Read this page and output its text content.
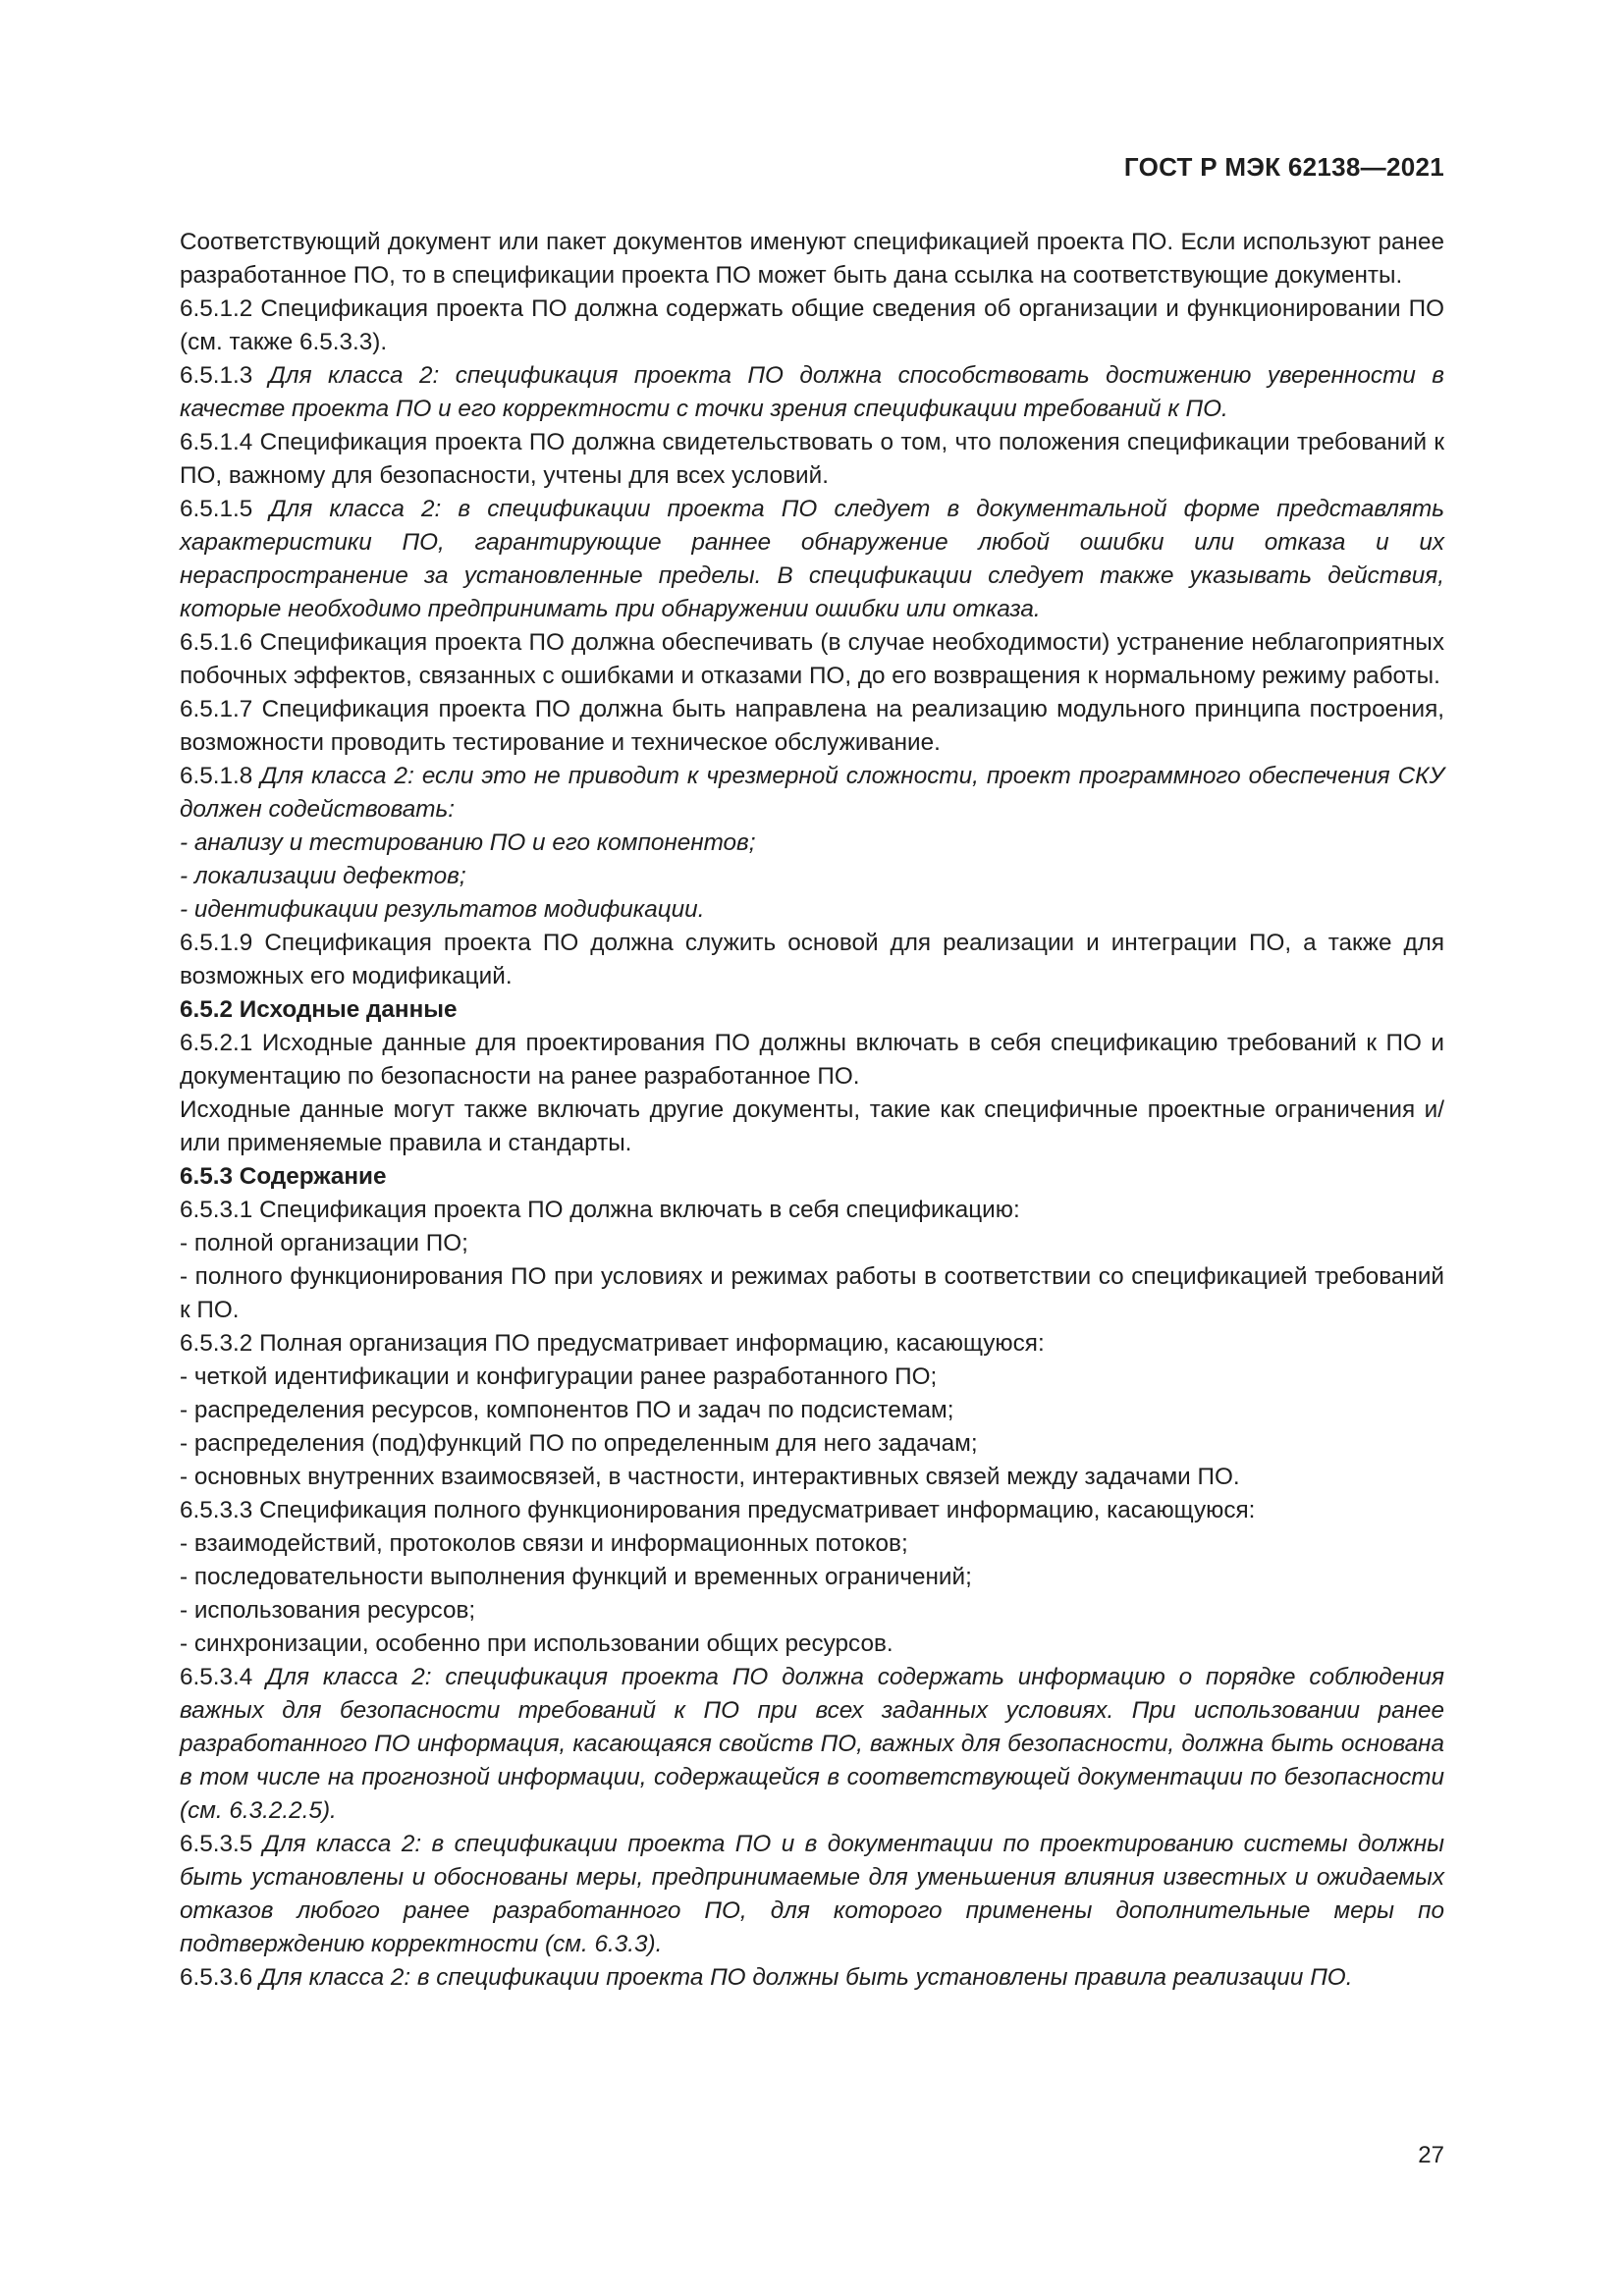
ГОСТ Р МЭК 62138—2021

Соответствующий документ или пакет документов именуют спецификацией проекта ПО. Если используют ранее разработанное ПО, то в спецификации проекта ПО может быть дана ссылка на соответствующие документы.

6.5.1.2 Спецификация проекта ПО должна содержать общие сведения об организации и функционировании ПО (см. также 6.5.3.3).

6.5.1.3 Для класса 2: спецификация проекта ПО должна способствовать достижению уверенности в качестве проекта ПО и его корректности с точки зрения спецификации требований к ПО.

6.5.1.4 Спецификация проекта ПО должна свидетельствовать о том, что положения спецификации требований к ПО, важному для безопасности, учтены для всех условий.

6.5.1.5 Для класса 2: в спецификации проекта ПО следует в документальной форме представлять характеристики ПО, гарантирующие раннее обнаружение любой ошибки или отказа и их нераспространение за установленные пределы. В спецификации следует также указывать действия, которые необходимо предпринимать при обнаружении ошибки или отказа.

6.5.1.6 Спецификация проекта ПО должна обеспечивать (в случае необходимости) устранение неблагоприятных побочных эффектов, связанных с ошибками и отказами ПО, до его возвращения к нормальному режиму работы.

6.5.1.7 Спецификация проекта ПО должна быть направлена на реализацию модульного принципа построения, возможности проводить тестирование и техническое обслуживание.

6.5.1.8 Для класса 2: если это не приводит к чрезмерной сложности, проект программного обеспечения СКУ должен содействовать:

- анализу и тестированию ПО и его компонентов;

- локализации дефектов;

- идентификации результатов модификации.

6.5.1.9 Спецификация проекта ПО должна служить основой для реализации и интеграции ПО, а также для возможных его модификаций.

6.5.2 Исходные данные

6.5.2.1 Исходные данные для проектирования ПО должны включать в себя спецификацию требований к ПО и документацию по безопасности на ранее разработанное ПО.

Исходные данные могут также включать другие документы, такие как специфичные проектные ограничения и/или применяемые правила и стандарты.

6.5.3 Содержание

6.5.3.1 Спецификация проекта ПО должна включать в себя спецификацию:

- полной организации ПО;

- полного функционирования ПО при условиях и режимах работы в соответствии со спецификацией требований к ПО.

6.5.3.2 Полная организация ПО предусматривает информацию, касающуюся:

- четкой идентификации и конфигурации ранее разработанного ПО;

- распределения ресурсов, компонентов ПО и задач по подсистемам;

- распределения (под)функций ПО по определенным для него задачам;

- основных внутренних взаимосвязей, в частности, интерактивных связей между задачами ПО.

6.5.3.3 Спецификация полного функционирования предусматривает информацию, касающуюся:

- взаимодействий, протоколов связи и информационных потоков;

- последовательности выполнения функций и временных ограничений;

- использования ресурсов;

- синхронизации, особенно при использовании общих ресурсов.

6.5.3.4 Для класса 2: спецификация проекта ПО должна содержать информацию о порядке соблюдения важных для безопасности требований к ПО при всех заданных условиях. При использовании ранее разработанного ПО информация, касающаяся свойств ПО, важных для безопасности, должна быть основана в том числе на прогнозной информации, содержащейся в соответствующей документации по безопасности (см. 6.3.2.2.5).

6.5.3.5 Для класса 2: в спецификации проекта ПО и в документации по проектированию системы должны быть установлены и обоснованы меры, предпринимаемые для уменьшения влияния известных и ожидаемых отказов любого ранее разработанного ПО, для которого применены дополнительные меры по подтверждению корректности (см. 6.3.3).

6.5.3.6 Для класса 2: в спецификации проекта ПО должны быть установлены правила реализации ПО.

27
